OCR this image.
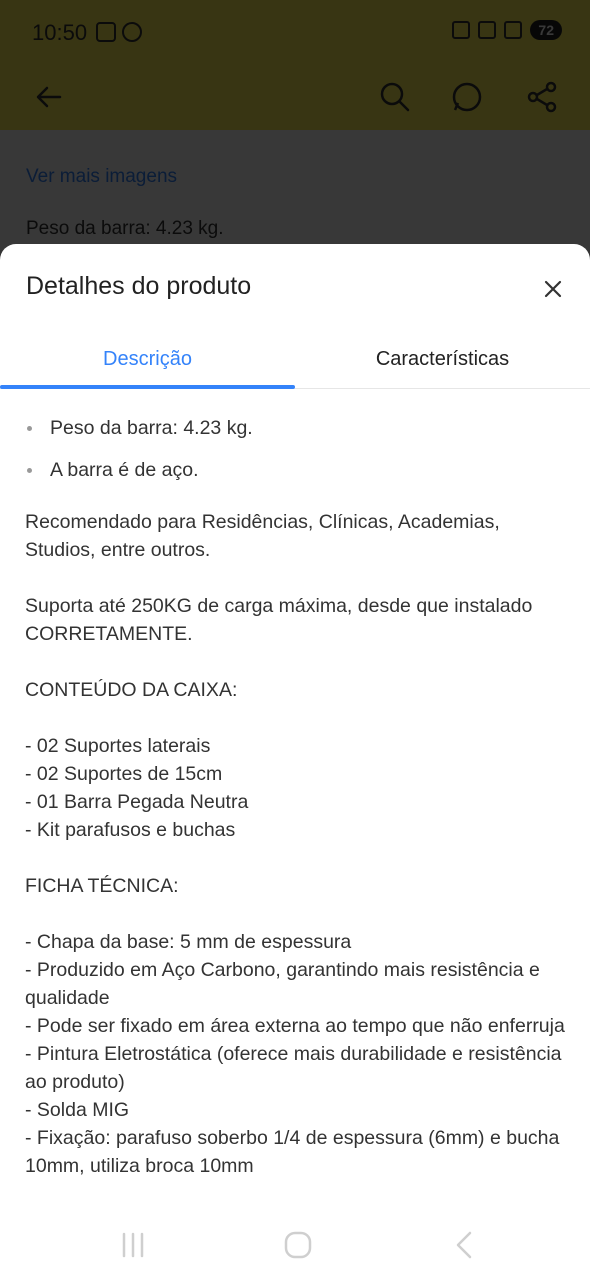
Detalhes do produto
Descrição	Características
Peso da barra: 4.23 kg.
A barra é de aço.

Recomendado para Residências, Clínicas, Academias, Studios, entre outros.

Suporta até 250KG de carga máxima, desde que instalado CORRETAMENTE.

CONTEÚDO DA CAIXA:

- 02 Suportes laterais

- 02 Suportes de 15cm

- 01 Barra Pegada Neutra

- Kit parafusos e buchas

FICHA TÉCNICA:

- Chapa da base: 5 mm de espessura

- Produzido em Aço Carbono, garantindo mais resistência e qualidade

- Pode ser fixado em área externa ao tempo que não enferruja

- Pintura Eletrostática (oferece mais durabilidade e resistência ao produto)

- Solda MIG

- Fixação: parafuso soberbo 1/4 de espessura (6mm) e bucha 10mm, utiliza broca 10mm
